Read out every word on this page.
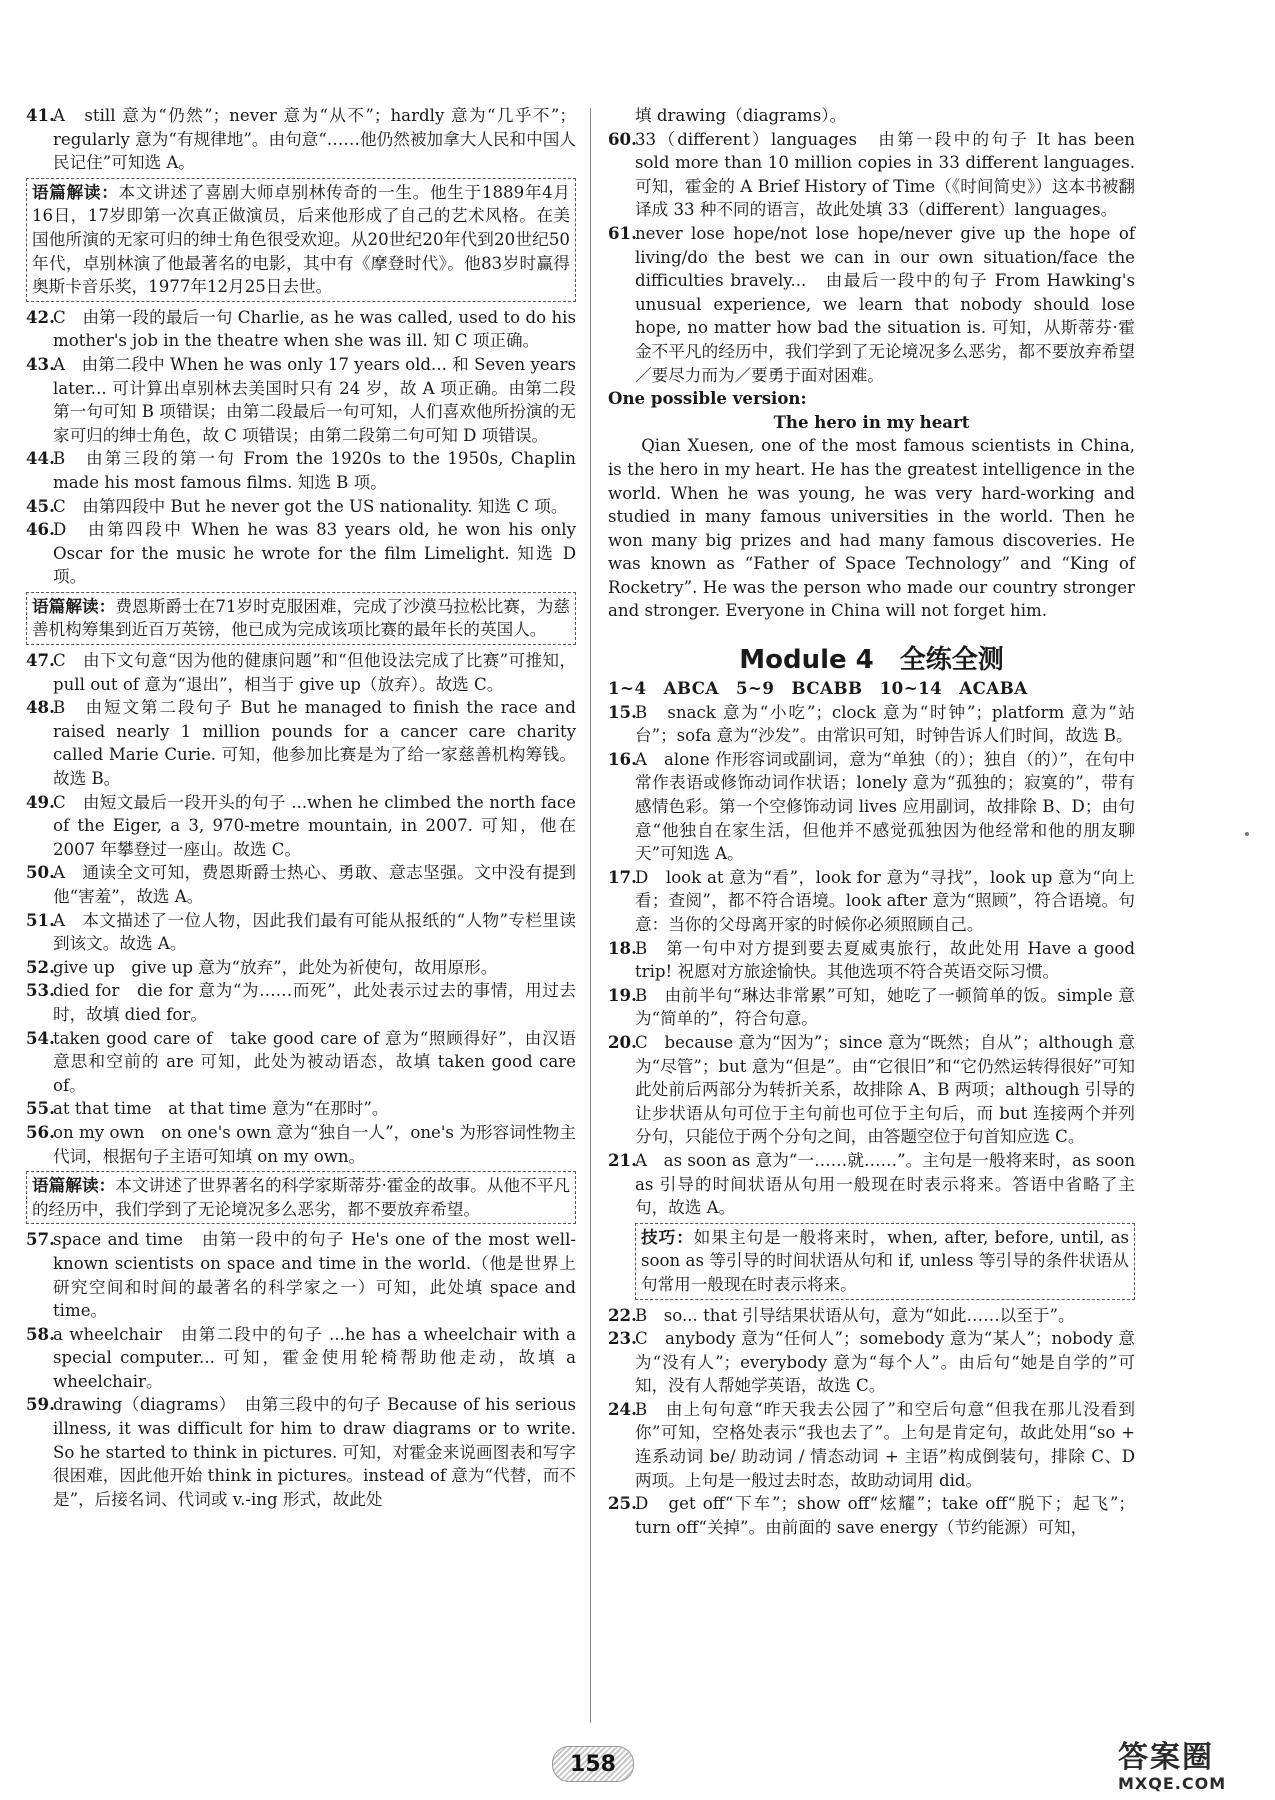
41.
A　still 意为“仍然”；never 意为“从不”；hardly 意为“几乎不”；regularly 意为“有规律地”。由句意“……他仍然被加拿大人民和中国人民记住”可知选 A。

语篇解读：本文讲述了喜剧大师卓别林传奇的一生。他生于1889年4月16日，17岁即第一次真正做演员，后来他形成了自己的艺术风格。在美国他所演的无家可归的绅士角色很受欢迎。从20世纪20年代到20世纪50年代，卓别林演了他最著名的电影，其中有《摩登时代》。他83岁时赢得奥斯卡音乐奖，1977年12月25日去世。

42.
C　由第一段的最后一句 Charlie, as he was called, used to do his mother's job in the theatre when she was ill. 知 C 项正确。

43.
A　由第二段中 When he was only 17 years old... 和 Seven years later... 可计算出卓别林去美国时只有 24 岁，故 A 项正确。由第二段第一句可知 B 项错误；由第二段最后一句可知，人们喜欢他所扮演的无家可归的绅士角色，故 C 项错误；由第二段第二句可知 D 项错误。

44.
B　由第三段的第一句 From the 1920s to the 1950s, Chaplin made his most famous films. 知选 B 项。

45.
C　由第四段中 But he never got the US nationality. 知选 C 项。

46.
D　由第四段中 When he was 83 years old, he won his only Oscar for the music he wrote for the film Limelight. 知选 D 项。

语篇解读：费恩斯爵士在71岁时克服困难，完成了沙漠马拉松比赛，为慈善机构筹集到近百万英镑，他已成为完成该项比赛的最年长的英国人。

47.
C　由下文句意“因为他的健康问题”和“但他设法完成了比赛”可推知，pull out of 意为“退出”，相当于 give up（放弃）。故选 C。

48.
B　由短文第二段句子 But he managed to finish the race and raised nearly 1 million pounds for a cancer care charity called Marie Curie. 可知，他参加比赛是为了给一家慈善机构筹钱。故选 B。

49.
C　由短文最后一段开头的句子 ...when he climbed the north face of the Eiger, a 3, 970-metre mountain, in 2007. 可知，他在 2007 年攀登过一座山。故选 C。

50.
A　通读全文可知，费恩斯爵士热心、勇敢、意志坚强。文中没有提到他“害羞”，故选 A。

51.
A　本文描述了一位人物，因此我们最有可能从报纸的“人物”专栏里读到该文。故选 A。

52.
give up　give up 意为“放弃”，此处为祈使句，故用原形。

53.
died for　die for 意为“为……而死”，此处表示过去的事情，用过去时，故填 died for。

54.
taken good care of　take good care of 意为“照顾得好”，由汉语意思和空前的 are 可知，此处为被动语态，故填 taken good care of。

55.
at that time　at that time 意为“在那时”。

56.
on my own　on one's own 意为“独自一人”，one's 为形容词性物主代词，根据句子主语可知填 on my own。

语篇解读：本文讲述了世界著名的科学家斯蒂芬·霍金的故事。从他不平凡的经历中，我们学到了无论境况多么恶劣，都不要放弃希望。

57.
space and time　由第一段中的句子 He's one of the most well-known scientists on space and time in the world.（他是世界上研究空间和时间的最著名的科学家之一）可知，此处填 space and time。

58.
a wheelchair　由第二段中的句子 ...he has a wheelchair with a special computer... 可知，霍金使用轮椅帮助他走动，故填 a wheelchair。

59.
drawing（diagrams）　由第三段中的句子 Because of his serious illness, it was difficult for him to draw diagrams or to write. So he started to think in pictures. 可知，对霍金来说画图表和写字很困难，因此他开始 think in pictures。instead of 意为“代替，而不是”，后接名词、代词或 v.-ing 形式，故此处

填 drawing（diagrams）。

60.
33（different）languages　由第一段中的句子 It has been sold more than 10 million copies in 33 different languages. 可知，霍金的 A Brief History of Time（《时间简史》）这本书被翻译成 33 种不同的语言，故此处填 33（different）languages。

61.
never lose hope/not lose hope/never give up the hope of living/do the best we can in our own situation/face the difficulties bravely...　由最后一段中的句子 From Hawking's unusual experience, we learn that nobody should lose hope, no matter how bad the situation is. 可知，从斯蒂芬·霍金不平凡的经历中，我们学到了无论境况多么恶劣，都不要放弃希望／要尽力而为／要勇于面对困难。

One possible version:

The hero in my heart

Qian Xuesen, one of the most famous scientists in China, is the hero in my heart. He has the greatest intelligence in the world. When he was young, he was very hard-working and studied in many famous universities in the world. Then he won many big prizes and had many famous discoveries. He was known as “Father of Space Technology” and “King of Rocketry”. He was the person who made our country stronger and stronger. Everyone in China will not forget him.

Module 4　全练全测

1~4　ABCA　5~9　BCABB　10~14　ACABA

15.
B　snack 意为“小吃”；clock 意为“时钟”；platform 意为“站台”；sofa 意为“沙发”。由常识可知，时钟告诉人们时间，故选 B。

16.
A　alone 作形容词或副词，意为“单独（的）；独自（的）”，在句中常作表语或修饰动词作状语；lonely 意为“孤独的；寂寞的”，带有感情色彩。第一个空修饰动词 lives 应用副词，故排除 B、D；由句意“他独自在家生活，但他并不感觉孤独因为他经常和他的朋友聊天”可知选 A。

17.
D　look at 意为“看”，look for 意为“寻找”，look up 意为“向上看；查阅”，都不符合语境。look after 意为“照顾”，符合语境。句意：当你的父母离开家的时候你必须照顾自己。

18.
B　第一句中对方提到要去夏威夷旅行，故此处用 Have a good trip! 祝愿对方旅途愉快。其他选项不符合英语交际习惯。

19.
B　由前半句“琳达非常累”可知，她吃了一顿简单的饭。simple 意为“简单的”，符合句意。

20.
C　because 意为“因为”；since 意为“既然；自从”；although 意为“尽管”；but 意为“但是”。由“它很旧”和“它仍然运转得很好”可知此处前后两部分为转折关系，故排除 A、B 两项；although 引导的让步状语从句可位于主句前也可位于主句后，而 but 连接两个并列分句，只能位于两个分句之间，由答题空位于句首知应选 C。

21.
A　as soon as 意为“一……就……”。主句是一般将来时，as soon as 引导的时间状语从句用一般现在时表示将来。答语中省略了主句，故选 A。

技巧：如果主句是一般将来时，when, after, before, until, as soon as 等引导的时间状语从句和 if, unless 等引导的条件状语从句常用一般现在时表示将来。

22.
B　so... that 引导结果状语从句，意为“如此……以至于”。

23.
C　anybody 意为“任何人”；somebody 意为“某人”；nobody 意为“没有人”；everybody 意为“每个人”。由后句“她是自学的”可知，没有人帮她学英语，故选 C。

24.
B　由上句句意“昨天我去公园了”和空后句意“但我在那儿没看到你”可知，空格处表示“我也去了”。上句是肯定句，故此处用“so + 连系动词 be/ 助动词 / 情态动词 + 主语”构成倒装句，排除 C、D 两项。上句是一般过去时态，故助动词用 did。

25.
D　get off“下车”；show off“炫耀”；take off“脱下；起飞”；turn off“关掉”。由前面的 save energy（节约能源）可知，

158	答案圈
MXQE.COM
